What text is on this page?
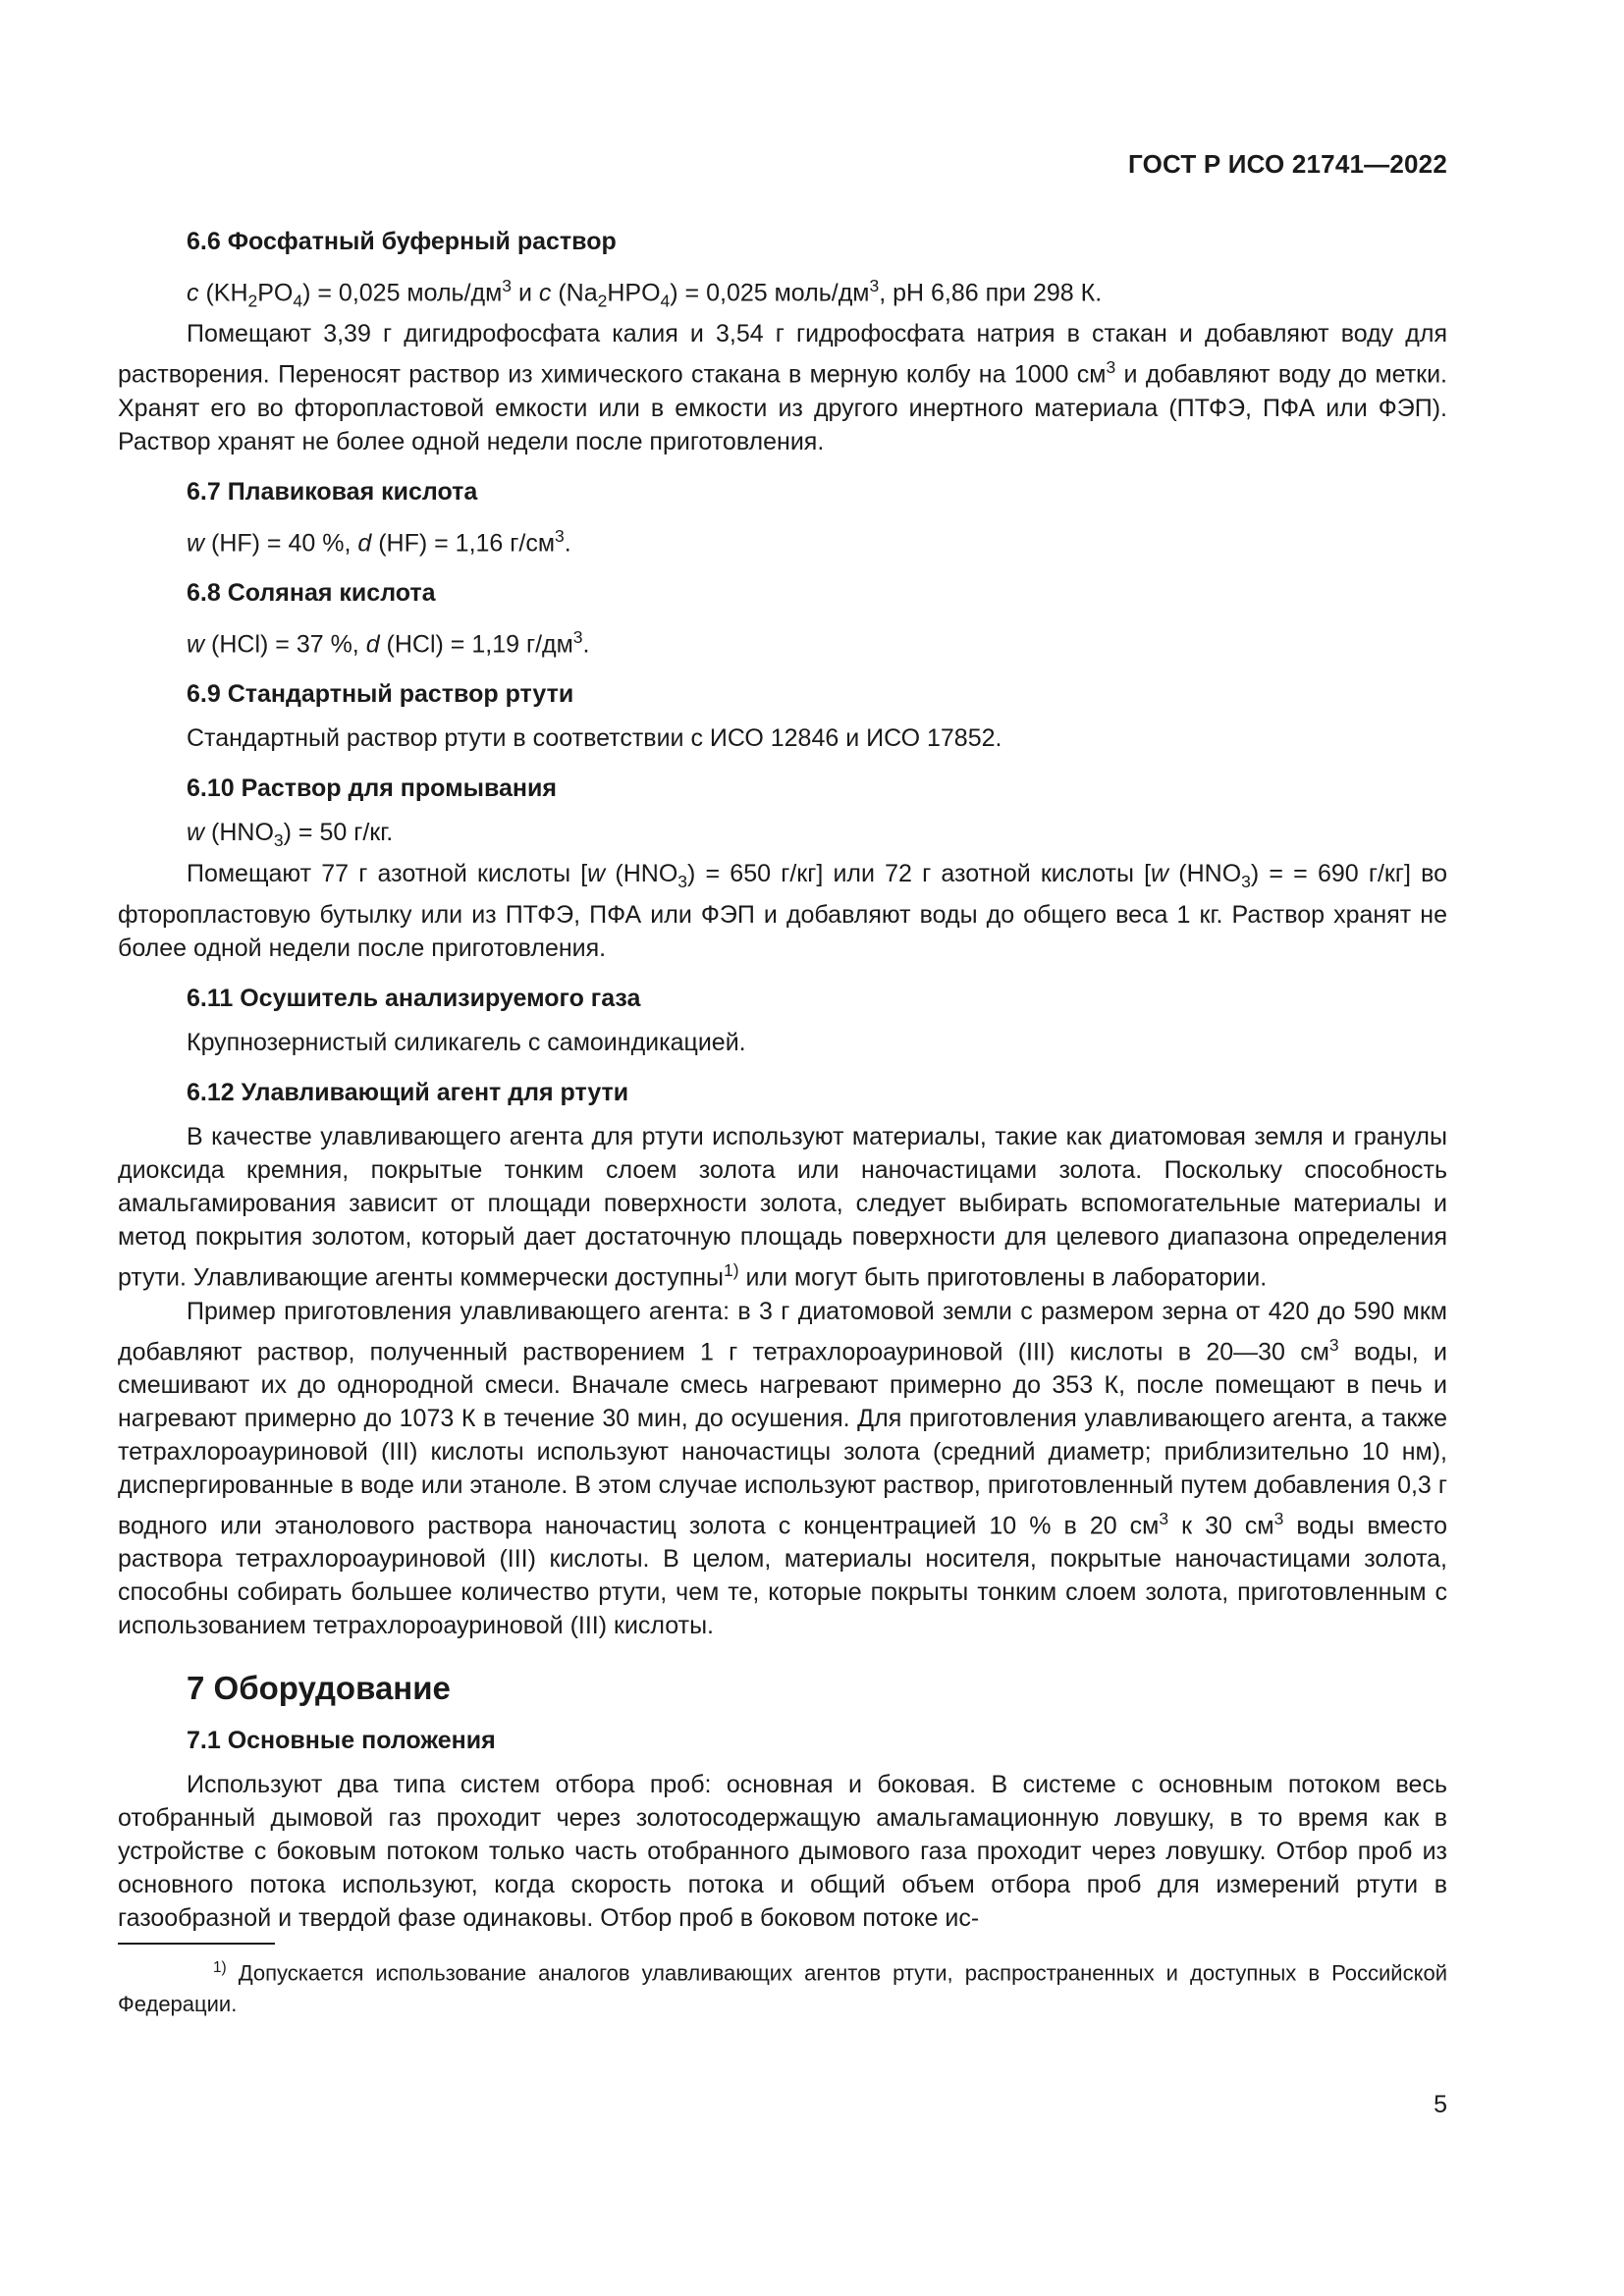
ГОСТ Р ИСО 21741—2022
6.6 Фосфатный буферный раствор
c $(KH_2PO_4) = 0,025$ моль/$дм^3$ и c $(Na_2HPO_4) = 0,025$ моль/$дм^3$, pH 6,86 при 298 К.

Помещают 3,39 г дигидрофосфата калия и 3,54 г гидрофосфата натрия в стакан и добавляют воду для растворения. Переносят раствор из химического стакана в мерную колбу на 1000 $см^3$ и добавляют воду до метки. Хранят его во фторопластовой емкости или в емкости из другого инертного материала (ПТФЭ, ПФА или ФЭП). Раствор хранят не более одной недели после приготовления.

6.7 Плавиковая кислота
w (HF) = 40 %, d (HF) = 1,16 $г/см^3$.
6.8 Соляная кислота
w (HCl) = 37 %, d (HCl) = 1,19 $г/дм^3$.
6.9 Стандартный раствор ртути
Стандартный раствор ртути в соответствии с ИСО 12846 и ИСО 17852.
6.10 Раствор для промывания
w $(HNO_3) = 50$ г/кг.

Помещают 77 г азотной кислоты [w $(HNO_3) = 650$ г/кг] или 72 г азотной кислоты [w $(HNO_3)$ = = 690 г/кг] во фторопластовую бутылку или из ПТФЭ, ПФА или ФЭП и добавляют воды до общего веса 1 кг. Раствор хранят не более одной недели после приготовления.

6.11 Осушитель анализируемого газа
Крупнозернистый силикагель с самоиндикацией.
6.12 Улавливающий агент для ртути

В качестве улавливающего агента для ртути используют материалы, такие как диатомовая земля и гранулы диоксида кремния, покрытые тонким слоем золота или наночастицами золота. Поскольку способность амальгамирования зависит от площади поверхности золота, следует выбирать вспомогательные материалы и метод покрытия золотом, который дает достаточную площадь поверхности для целевого диапазона определения ртути. Улавливающие агенты коммерчески доступны$^{1)}$ или могут быть приготовлены в лаборатории.

Пример приготовления улавливающего агента: в 3 г диатомовой земли с размером зерна от 420 до 590 мкм добавляют раствор, полученный растворением 1 г тетрахлороауриновой (III) кислоты в 20—30 $см^3$ воды, и смешивают их до однородной смеси. Вначале смесь нагревают примерно до 353 К, после помещают в печь и нагревают примерно до 1073 К в течение 30 мин, до осушения. Для приготовления улавливающего агента, а также тетрахлороауриновой (III) кислоты используют наночастицы золота (средний диаметр; приблизительно 10 нм), диспергированные в воде или этаноле. В этом случае используют раствор, приготовленный путем добавления 0,3 г водного или этанолового раствора наночастиц золота с концентрацией 10 % в 20 $см^3$ к 30 $см^3$ воды вместо раствора тетрахлороауриновой (III) кислоты. В целом, материалы носителя, покрытые наночастицами золота, способны собирать большее количество ртути, чем те, которые покрыты тонким слоем золота, приготовленным с использованием тетрахлороауриновой (III) кислоты.

7 Оборудование
7.1 Основные положения

Используют два типа систем отбора проб: основная и боковая. В системе с основным потоком весь отобранный дымовой газ проходит через золотосодержащую амальгамационную ловушку, в то время как в устройстве с боковым потоком только часть отобранного дымового газа проходит через ловушку. Отбор проб из основного потока используют, когда скорость потока и общий объем отбора проб для измерений ртути в газообразной и твердой фазе одинаковы. Отбор проб в боковом потоке ис-

$^{1)}$ Допускается использование аналогов улавливающих агентов ртути, распространенных и доступных в Российской Федерации.

5
